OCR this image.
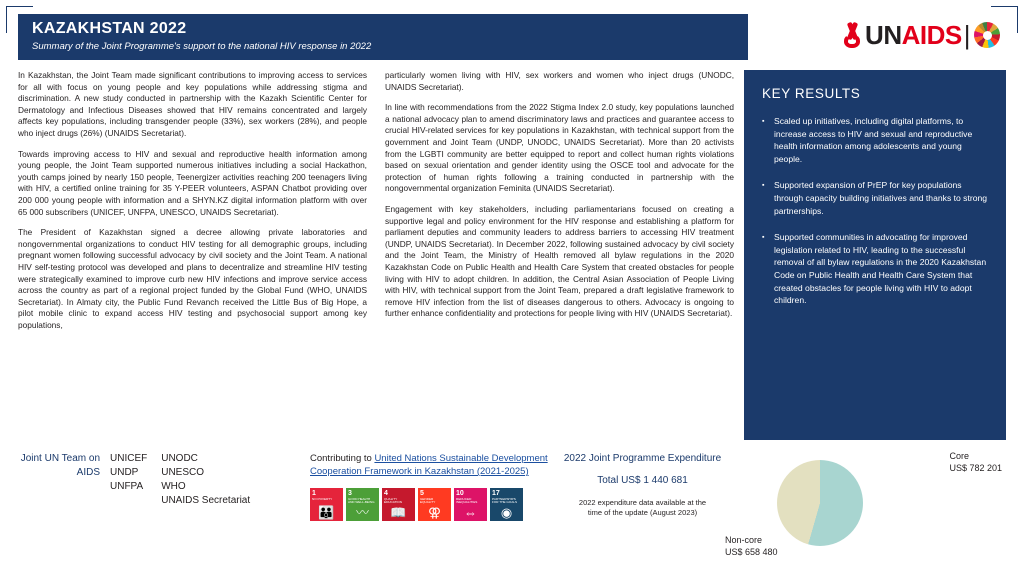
KAZAKHSTAN 2022
Summary of the Joint Programme's support to the national HIV response in 2022	UNAIDS|

In Kazakhstan, the Joint Team made significant contributions to improving access to services for all with focus on young people and key populations while addressing stigma and discrimination. A new study conducted in partnership with the Kazakh Scientific Center for Dermatology and Infectious Diseases showed that HIV remains concentrated and largely affects key populations, including transgender people (33%), sex workers (28%), and people who inject drugs (26%) (UNAIDS Secretariat).

Towards improving access to HIV and sexual and reproductive health information among young people, the Joint Team supported numerous initiatives including a social Hackathon, youth camps joined by nearly 150 people, Teenergizer activities reaching 200 teenagers living with HIV, a certified online training for 35 Y-PEER volunteers, ASPAN Chatbot providing over 200 000 young people with information and a SHYN.KZ digital information platform with over 65 000 subscribers (UNICEF, UNFPA, UNESCO, UNAIDS Secretariat).

The President of Kazakhstan signed a decree allowing private laboratories and nongovernmental organizations to conduct HIV testing for all demographic groups, including pregnant women following successful advocacy by civil society and the Joint Team. A national HIV self-testing protocol was developed and plans to decentralize and streamline HIV testing were strategically examined to improve curb new HIV infections and improve service access across the country as part of a regional project funded by the Global Fund (WHO, UNAIDS Secretariat). In Almaty city, the Public Fund Revanch received the Little Bus of Big Hope, a pilot mobile clinic to expand access HIV testing and psychosocial support among key populations,

particularly women living with HIV, sex workers and women who inject drugs (UNODC, UNAIDS Secretariat).

In line with recommendations from the 2022 Stigma Index 2.0 study, key populations launched a national advocacy plan to amend discriminatory laws and practices and guarantee access to crucial HIV-related services for key populations in Kazakhstan, with technical support from the government and Joint Team (UNDP, UNODC, UNAIDS Secretariat). More than 20 activists from the LGBTI community are better equipped to report and collect human rights violations based on sexual orientation and gender identity using the OSCE tool and advocate for the protection of human rights following a training conducted in partnership with the nongovernmental organization Feminita (UNAIDS Secretariat).

Engagement with key stakeholders, including parliamentarians focused on creating a supportive legal and policy environment for the HIV response and establishing a platform for parliament deputies and community leaders to address barriers to accessing HIV treatment (UNDP, UNAIDS Secretariat). In December 2022, following sustained advocacy by civil society and the Joint Team, the Ministry of Health removed all bylaw regulations in the 2020 Kazakhstan Code on Public Health and Health Care System that created obstacles for people living with HIV to adopt children. In addition, the Central Asian Association of People Living with HIV, with technical support from the Joint Team, prepared a draft legislative framework to remove HIV infection from the list of diseases dangerous to others. Advocacy is ongoing to further enhance confidentiality and protections for people living with HIV (UNAIDS Secretariat).

KEY RESULTS
▪	Scaled up initiatives, including digital platforms, to increase access to HIV and sexual and reproductive health information among adolescents and young people.
▪	Supported expansion of PrEP for key populations through capacity building initiatives and thanks to strong partnerships.
▪	Supported communities in advocating for improved legislation related to HIV, leading to the successful removal of all bylaw regulations in the 2020 Kazakhstan Code on Public Health and Health Care System that created obstacles for people living with HIV to adopt children.
Joint UN Team on AIDS
UNICEF
UNDP
UNFPA
UNODC
UNESCO
WHO
UNAIDS Secretariat
Contributing to United Nations Sustainable Development Cooperation Framework in Kazakhstan (2021-2025)
1
NO POVERTY
👪
3
GOOD HEALTH AND WELL-BEING
〰
4
QUALITY EDUCATION
📖
5
GENDER EQUALITY
⚢
10
REDUCED INEQUALITIES
⇔
17
PARTNERSHIPS FOR THE GOALS
◉
2022 Joint Programme Expenditure
Total US$ 1 440 681
2022 expenditure data available at the time of the update (August 2023)
Core
US$ 782 201
Non-core
US$ 658 480
